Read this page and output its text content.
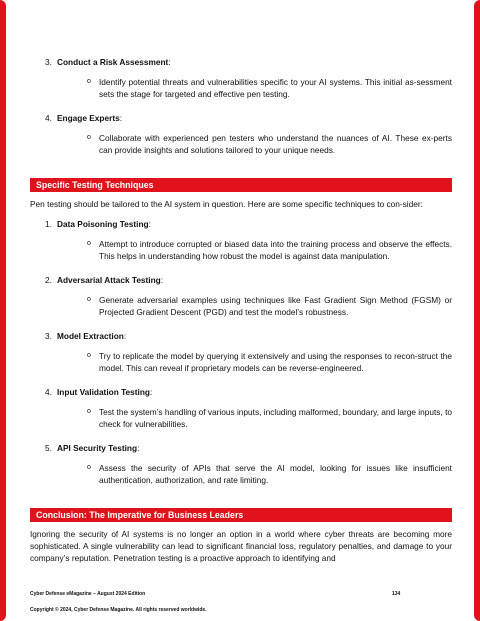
3. Conduct a Risk Assessment:
o Identify potential threats and vulnerabilities specific to your AI systems. This initial as-sessment sets the stage for targeted and effective pen testing.
4. Engage Experts:
o Collaborate with experienced pen testers who understand the nuances of AI. These ex-perts can provide insights and solutions tailored to your unique needs.
Specific Testing Techniques
Pen testing should be tailored to the AI system in question. Here are some specific techniques to con-sider:
1. Data Poisoning Testing:
o Attempt to introduce corrupted or biased data into the training process and observe the effects. This helps in understanding how robust the model is against data manipulation.
2. Adversarial Attack Testing:
o Generate adversarial examples using techniques like Fast Gradient Sign Method (FGSM) or Projected Gradient Descent (PGD) and test the model’s robustness.
3. Model Extraction:
o Try to replicate the model by querying it extensively and using the responses to recon-struct the model. This can reveal if proprietary models can be reverse-engineered.
4. Input Validation Testing:
o Test the system’s handling of various inputs, including malformed, boundary, and large inputs, to check for vulnerabilities.
5. API Security Testing:
o Assess the security of APIs that serve the AI model, looking for issues like insufficient authentication, authorization, and rate limiting.
Conclusion: The Imperative for Business Leaders
Ignoring the security of AI systems is no longer an option in a world where cyber threats are becoming more sophisticated. A single vulnerability can lead to significant financial loss, regulatory penalties, and damage to your company’s reputation. Penetration testing is a proactive approach to identifying and
Cyber Defense eMagazine – August 2024 Edition	134
Copyright © 2024, Cyber Defense Magazine. All rights reserved worldwide.
